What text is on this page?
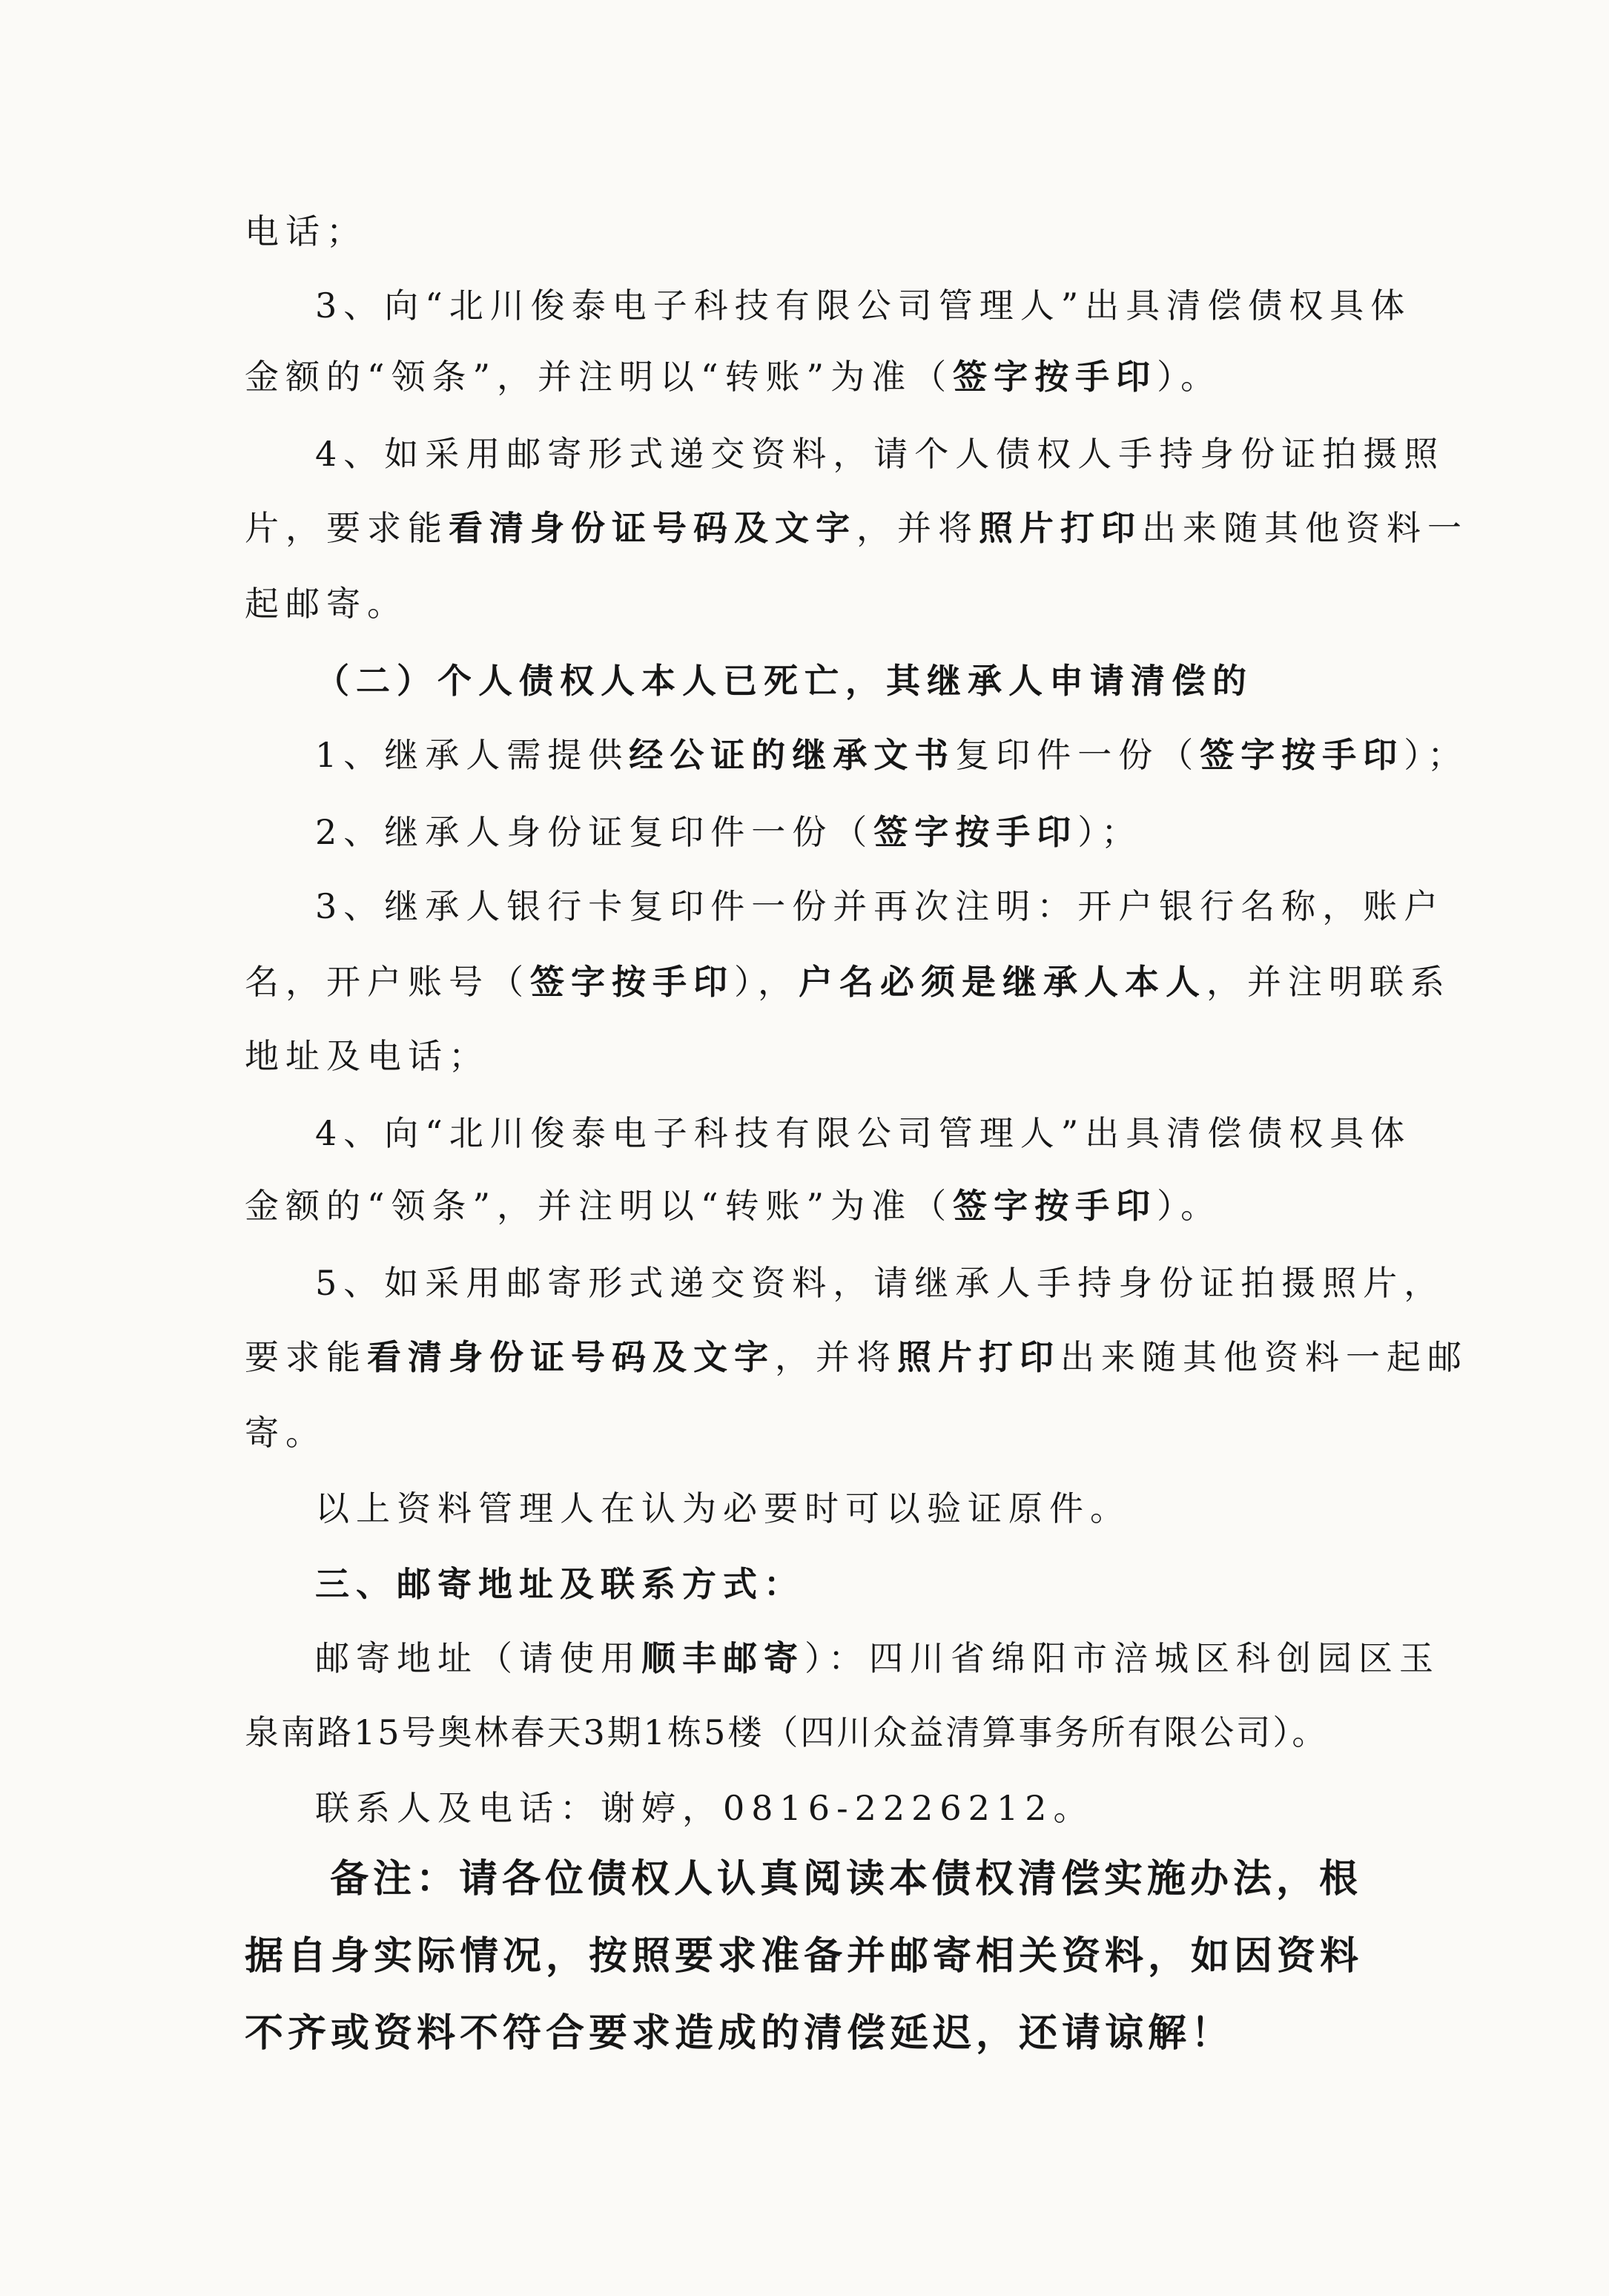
电话；
3、向“北川俊泰电子科技有限公司管理人”出具清偿债权具体
金额的“领条”，并注明以“转账”为准（签字按手印）。
4、如采用邮寄形式递交资料，请个人债权人手持身份证拍摄照
片，要求能看清身份证号码及文字，并将照片打印出来随其他资料一
起邮寄。
（二）个人债权人本人已死亡，其继承人申请清偿的
1、继承人需提供经公证的继承文书复印件一份（签字按手印）；
2、继承人身份证复印件一份（签字按手印）；
3、继承人银行卡复印件一份并再次注明：开户银行名称，账户
名，开户账号（签字按手印），户名必须是继承人本人，并注明联系
地址及电话；
4、向“北川俊泰电子科技有限公司管理人”出具清偿债权具体
金额的“领条”，并注明以“转账”为准（签字按手印）。
5、如采用邮寄形式递交资料，请继承人手持身份证拍摄照片，
要求能看清身份证号码及文字，并将照片打印出来随其他资料一起邮
寄。
以上资料管理人在认为必要时可以验证原件。
三、邮寄地址及联系方式：
邮寄地址（请使用顺丰邮寄）：四川省绵阳市涪城区科创园区玉
泉南路15号奥林春天3期1栋5楼（四川众益清算事务所有限公司）。
联系人及电话：谢婷，0816-2226212。
备注：请各位债权人认真阅读本债权清偿实施办法，根
据自身实际情况，按照要求准备并邮寄相关资料，如因资料
不齐或资料不符合要求造成的清偿延迟，还请谅解！
